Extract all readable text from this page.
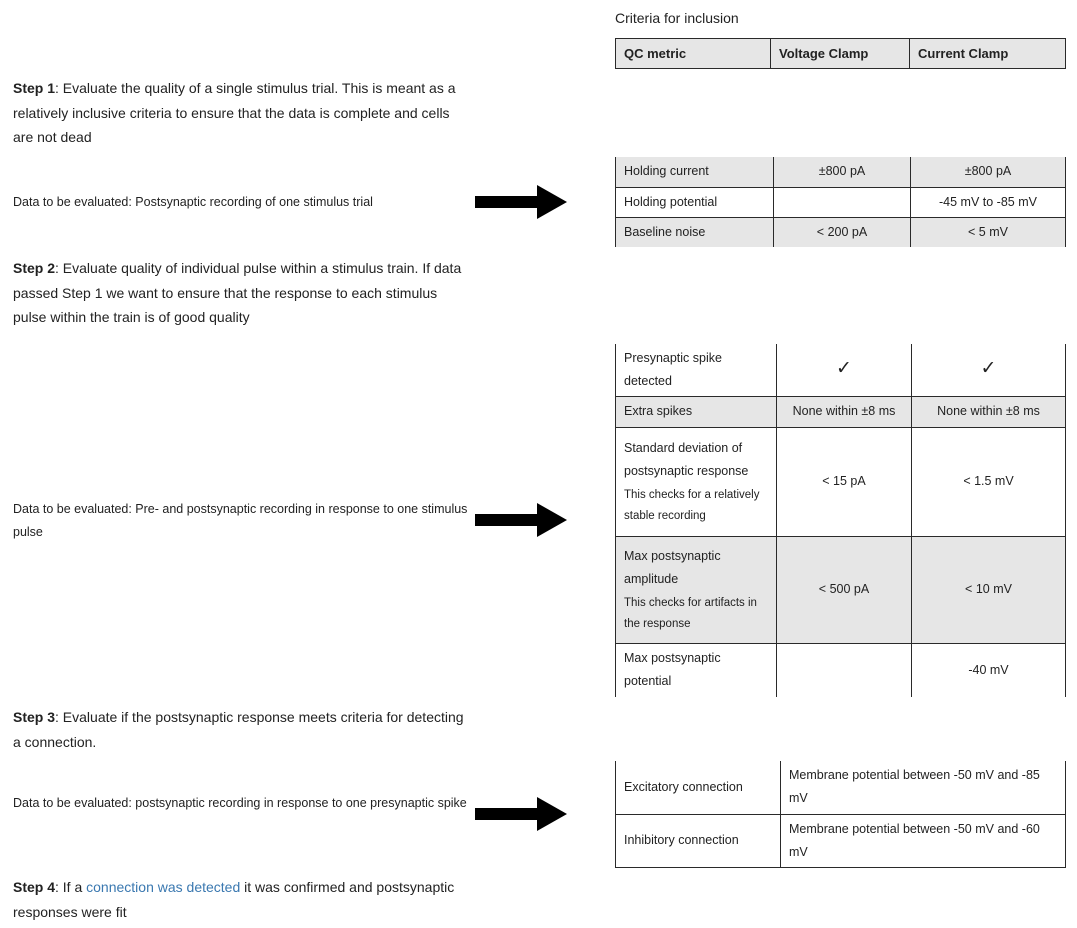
Step 1: Evaluate the quality of a single stimulus trial. This is meant as a relatively inclusive criteria to ensure that the data is complete and cells are not dead
Data to be evaluated: Postsynaptic recording of one stimulus trial
Step 2: Evaluate quality of individual pulse within a stimulus train. If data passed Step 1 we want to ensure that the response to each stimulus pulse within the train is of good quality
Data to be evaluated: Pre- and postsynaptic recording in response to one stimulus pulse
Step 3: Evaluate if the postsynaptic response meets criteria for detecting a connection.
Data to be evaluated: postsynaptic recording in response to one presynaptic spike
Step 4: If a connection was detected it was confirmed and postsynaptic responses were fit
Criteria for inclusion
QC metric	Voltage Clamp	Current Clamp
Holding current	±800 pA	±800 pA
Holding potential		-45 mV to -85 mV
Baseline noise	< 200 pA	< 5 mV
Presynaptic spike detected	✓	✓
Extra spikes	None within ±8 ms	None within ±8 ms
Standard deviation of postsynaptic response
This checks for a relatively stable recording	< 15 pA	< 1.5 mV
Max postsynaptic amplitude
This checks for artifacts in the response	< 500 pA	< 10 mV
Max postsynaptic potential		-40 mV
Excitatory connection	Membrane potential between -50 mV and -85 mV
Inhibitory connection	Membrane potential between -50 mV and -60 mV
